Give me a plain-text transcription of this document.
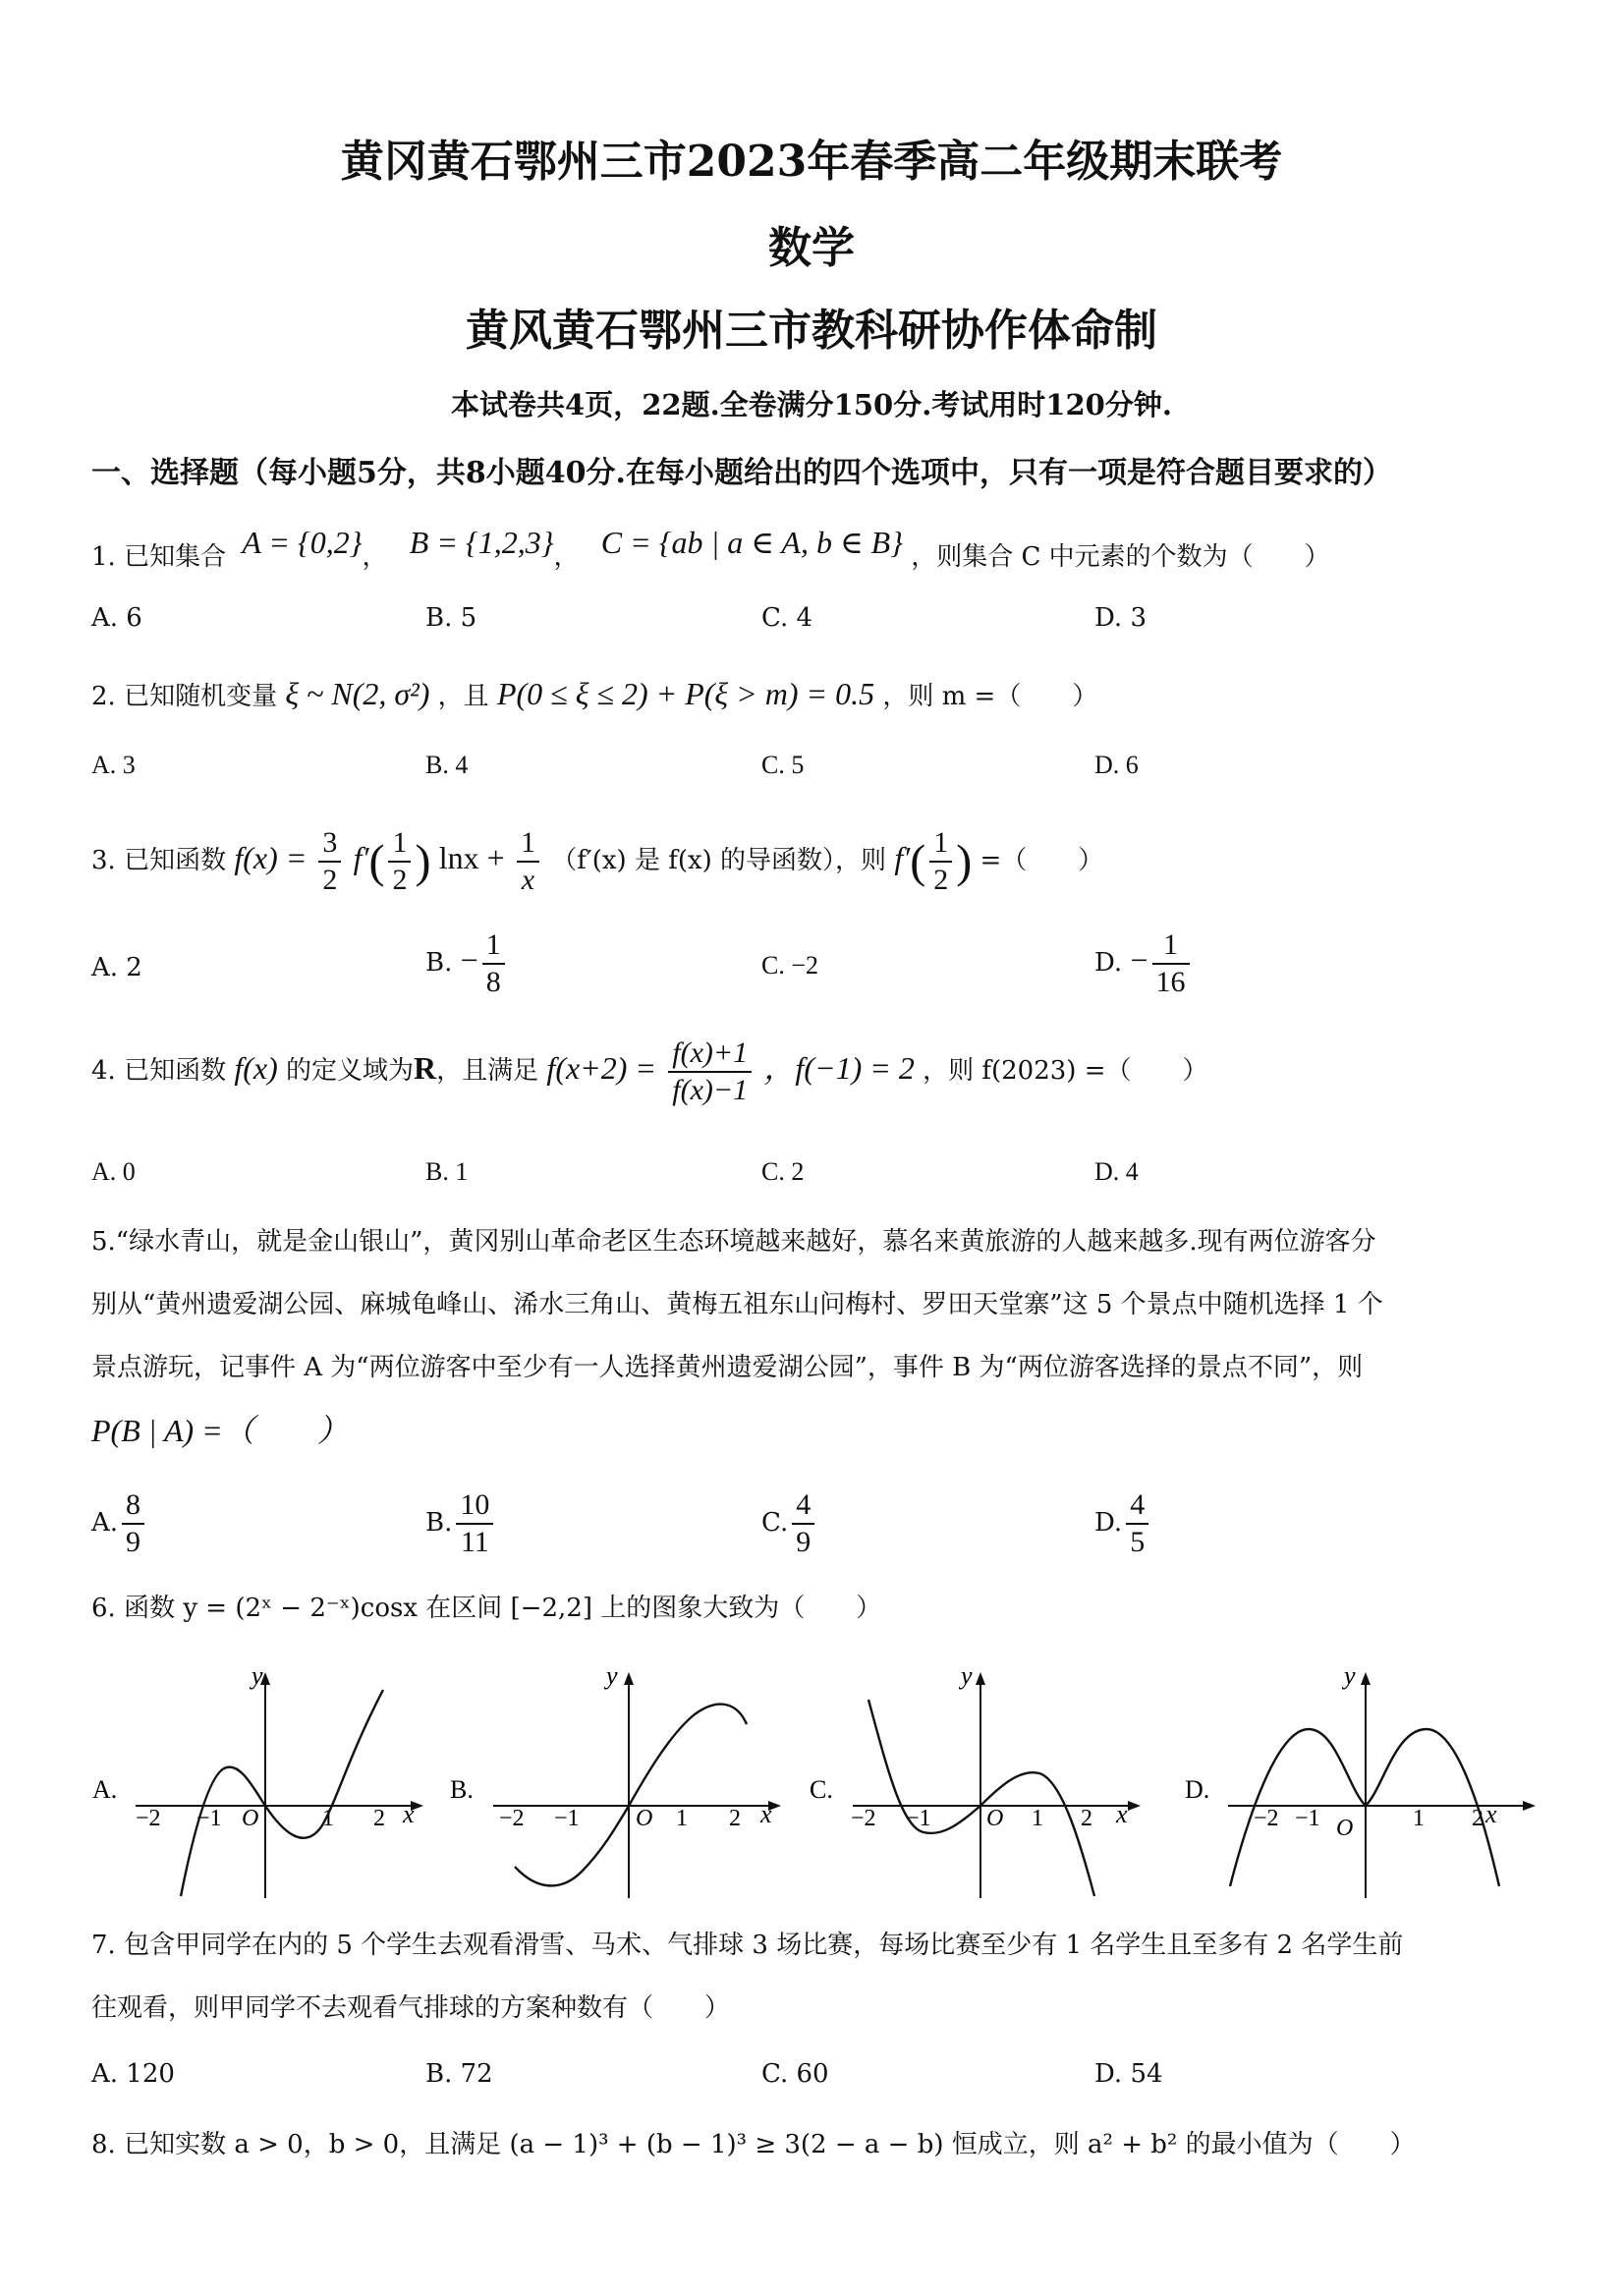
黄冈黄石鄂州三市2023年春季高二年级期末联考
数学
黄风黄石鄂州三市教科研协作体命制
本试卷共4页，22题.全卷满分150分.考试用时120分钟.
一、选择题（每小题5分，共8小题40分.在每小题给出的四个选项中，只有一项是符合题目要求的）
1. 已知集合 A = {0,2}， B = {1,2,3}， C = {ab | a ∈ A, b ∈ B} ，则集合 C 中元素的个数为（　　）
A. 6	B. 5	C. 4	D. 3
2. 已知随机变量 ξ ~ N(2, σ²) ，且 P(0 ≤ ξ ≤ 2) + P(ξ > m) = 0.5 ，则 m =（　　）
A. 3	B. 4	C. 5	D. 6
3. 已知函数 $f(x) = \frac{3}{2} f'( \frac{1}{2}$ ) $\ln x + \frac{1}{x} (f'(x)$ 是 f(x) 的导函数），则 $f'( \frac{1}{2}$ ) =（　　）
A. 2	B. − $\frac{1}{8}$	C. −2	D. − $\frac{1}{16}$
4. 已知函数 f(x) 的定义域为R，且满足 $f(x+2) = \frac{f(x)+1}{f(x)-1}$ ，f(−1) = 2 ，则 f(2023) =（　　）
A. 0	B. 1	C. 2	D. 4
5.“绿水青山，就是金山银山”，黄冈别山革命老区生态环境越来越好，慕名来黄旅游的人越来越多.现有两位游客分
别从“黄州遗爱湖公园、麻城龟峰山、浠水三角山、黄梅五祖东山问梅村、罗田天堂寨”这 5 个景点中随机选择 1 个
景点游玩，记事件 A 为“两位游客中至少有一人选择黄州遗爱湖公园”，事件 B 为“两位游客选择的景点不同”，则
P(B | A) =（　　）
A. $\frac{8}{9}$	B. $\frac{10}{11}$	C. $\frac{4}{9}$	D. $\frac{4}{5}$
6. 函数 y = (2ˣ − 2⁻ˣ)cosx 在区间 [−2,2] 上的图象大致为（　　）
A.
y
x
O
−2 −1	1 2
B.
y
x
O
−2 −1	1 2
C.
y
x
O
−2 −1	1 2
D.
y
x
O
−2 −1	1 2
7. 包含甲同学在内的 5 个学生去观看滑雪、马术、气排球 3 场比赛，每场比赛至少有 1 名学生且至多有 2 名学生前
往观看，则甲同学不去观看气排球的方案种数有（　　）
A. 120	B. 72	C. 60	D. 54
8. 已知实数 a > 0，b > 0，且满足 (a − 1)³ + (b − 1)³ ≥ 3(2 − a − b) 恒成立，则 a² + b² 的最小值为（　　）
